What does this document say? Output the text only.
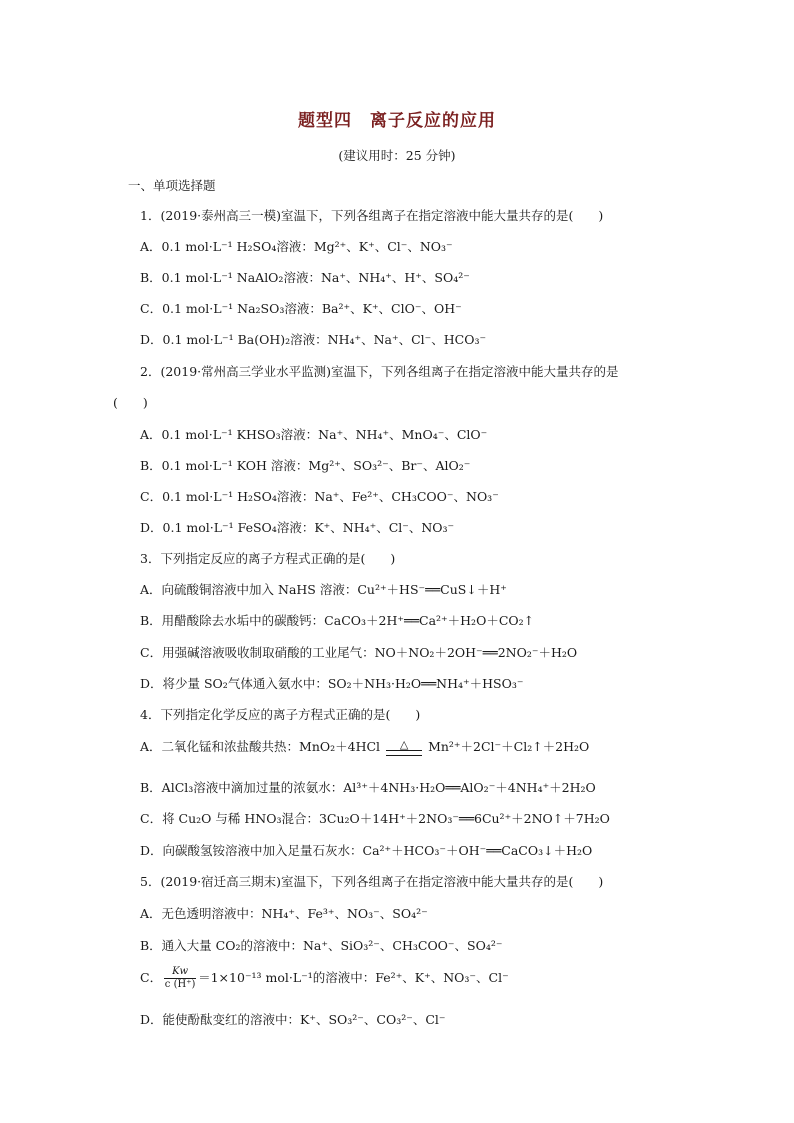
题型四　离子反应的应用
(建议用时：25 分钟)
一、单项选择题
1．(2019·泰州高三一模)室温下，下列各组离子在指定溶液中能大量共存的是(　　)
A．0.1 mol·L⁻¹ H₂SO₄溶液：Mg²⁺、K⁺、Cl⁻、NO₃⁻
B．0.1 mol·L⁻¹ NaAlO₂溶液：Na⁺、NH₄⁺、H⁺、SO₄²⁻
C．0.1 mol·L⁻¹ Na₂SO₃溶液：Ba²⁺、K⁺、ClO⁻、OH⁻
D．0.1 mol·L⁻¹ Ba(OH)₂溶液：NH₄⁺、Na⁺、Cl⁻、HCO₃⁻
2．(2019·常州高三学业水平监测)室温下，下列各组离子在指定溶液中能大量共存的是
(　　)
A．0.1 mol·L⁻¹ KHSO₃溶液：Na⁺、NH₄⁺、MnO₄⁻、ClO⁻
B．0.1 mol·L⁻¹ KOH 溶液：Mg²⁺、SO₃²⁻、Br⁻、AlO₂⁻
C．0.1 mol·L⁻¹ H₂SO₄溶液：Na⁺、Fe²⁺、CH₃COO⁻、NO₃⁻
D．0.1 mol·L⁻¹ FeSO₄溶液：K⁺、NH₄⁺、Cl⁻、NO₃⁻
3．下列指定反应的离子方程式正确的是(　　)
A．向硫酸铜溶液中加入 NaHS 溶液：Cu²⁺＋HS⁻══CuS↓＋H⁺
B．用醋酸除去水垢中的碳酸钙：CaCO₃＋2H⁺══Ca²⁺＋H₂O＋CO₂↑
C．用强碱溶液吸收制取硝酸的工业尾气：NO＋NO₂＋2OH⁻══2NO₂⁻＋H₂O
D．将少量 SO₂气体通入氨水中：SO₂＋NH₃·H₂O══NH₄⁺＋HSO₃⁻
4．下列指定化学反应的离子方程式正确的是(　　)
A．二氧化锰和浓盐酸共热：MnO₂＋4HCl	△	Mn²⁺＋2Cl⁻＋Cl₂↑＋2H₂O
B．AlCl₃溶液中滴加过量的浓氨水：Al³⁺＋4NH₃·H₂O══AlO₂⁻＋4NH₄⁺＋2H₂O
C．将 Cu₂O 与稀 HNO₃混合：3Cu₂O＋14H⁺＋2NO₃⁻══6Cu²⁺＋2NO↑＋7H₂O
D．向碳酸氢铵溶液中加入足量石灰水：Ca²⁺＋HCO₃⁻＋OH⁻══CaCO₃↓＋H₂O
5．(2019·宿迁高三期末)室温下，下列各组离子在指定溶液中能大量共存的是(　　)
A．无色透明溶液中：NH₄⁺、Fe³⁺、NO₃⁻、SO₄²⁻
B．通入大量 CO₂的溶液中：Na⁺、SiO₃²⁻、CH₃COO⁻、SO₄²⁻
C． $\frac{Kw}{c (H^+)} =1\times 10^{-13}$ mol·L⁻¹的溶液中：Fe²⁺、K⁺、NO₃⁻、Cl⁻
D．能使酚酞变红的溶液中：K⁺、SO₃²⁻、CO₃²⁻、Cl⁻
